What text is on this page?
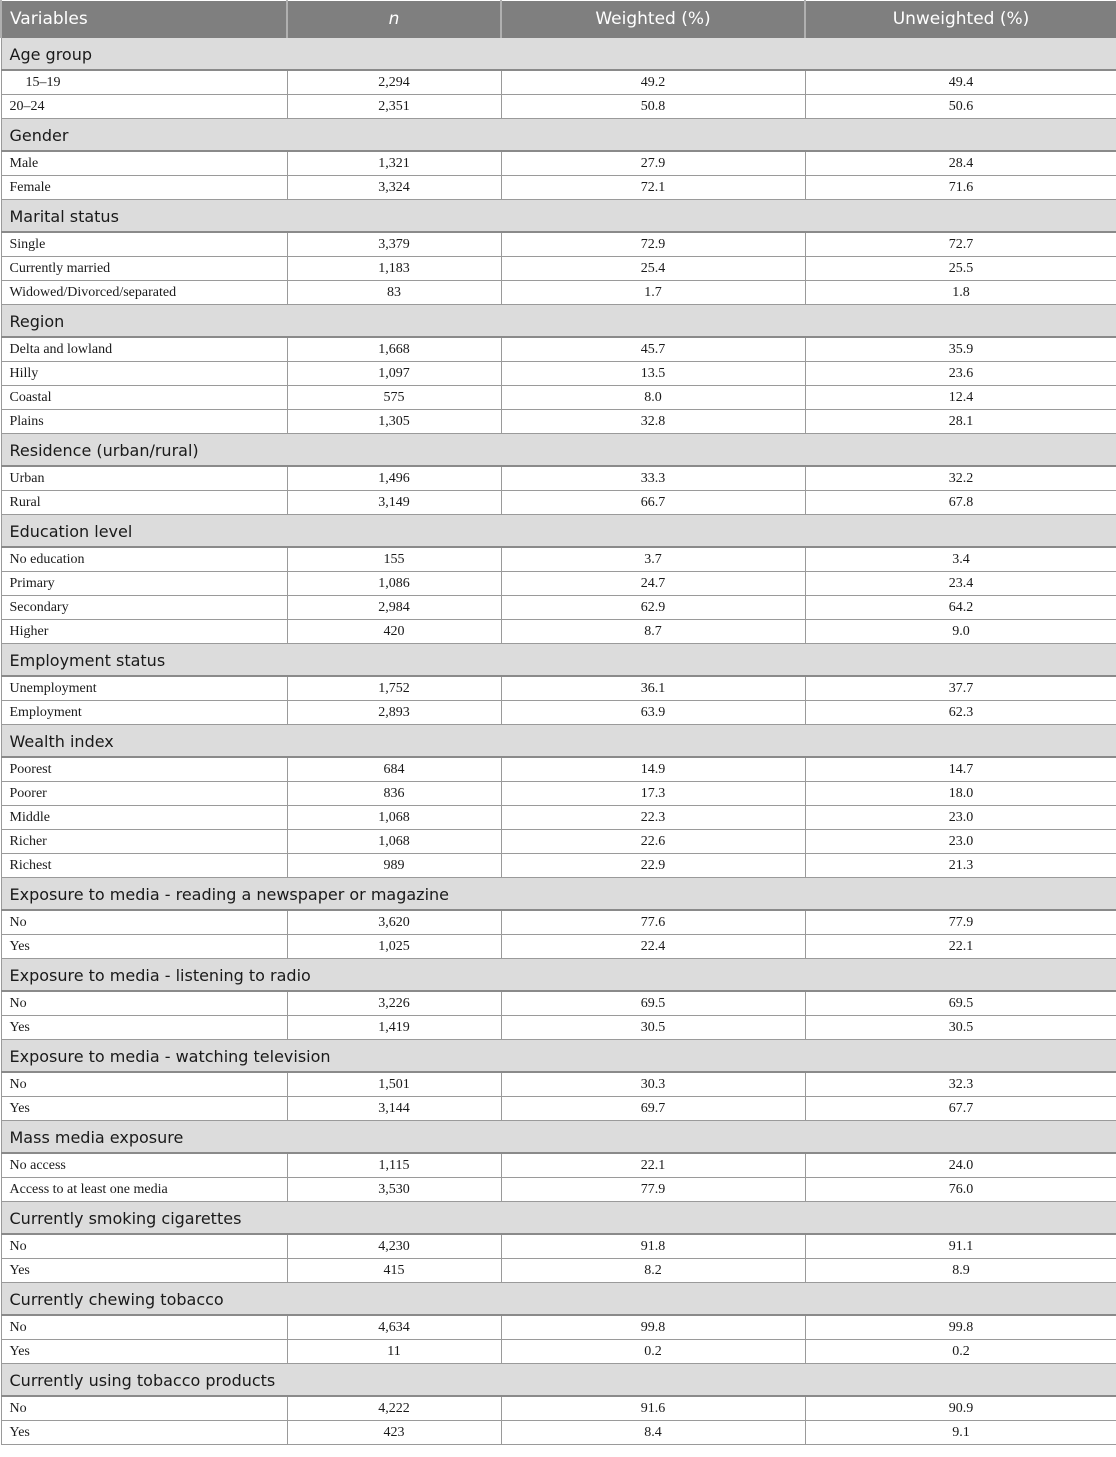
Variables	n	Weighted (%)	Unweighted (%)
Age group			
15–19	2,294	49.2	49.4
20–24	2,351	50.8	50.6
Gender			
Male	1,321	27.9	28.4
Female	3,324	72.1	71.6
Marital status			
Single	3,379	72.9	72.7
Currently married	1,183	25.4	25.5
Widowed/Divorced/separated	83	1.7	1.8
Region			
Delta and lowland	1,668	45.7	35.9
Hilly	1,097	13.5	23.6
Coastal	575	8.0	12.4
Plains	1,305	32.8	28.1
Residence (urban/rural)			
Urban	1,496	33.3	32.2
Rural	3,149	66.7	67.8
Education level			
No education	155	3.7	3.4
Primary	1,086	24.7	23.4
Secondary	2,984	62.9	64.2
Higher	420	8.7	9.0
Employment status			
Unemployment	1,752	36.1	37.7
Employment	2,893	63.9	62.3
Wealth index			
Poorest	684	14.9	14.7
Poorer	836	17.3	18.0
Middle	1,068	22.3	23.0
Richer	1,068	22.6	23.0
Richest	989	22.9	21.3
Exposure to media - reading a newspaper or magazine			
No	3,620	77.6	77.9
Yes	1,025	22.4	22.1
Exposure to media - listening to radio			
No	3,226	69.5	69.5
Yes	1,419	30.5	30.5
Exposure to media - watching television			
No	1,501	30.3	32.3
Yes	3,144	69.7	67.7
Mass media exposure			
No access	1,115	22.1	24.0
Access to at least one media	3,530	77.9	76.0
Currently smoking cigarettes			
No	4,230	91.8	91.1
Yes	415	8.2	8.9
Currently chewing tobacco			
No	4,634	99.8	99.8
Yes	11	0.2	0.2
Currently using tobacco products			
No	4,222	91.6	90.9
Yes	423	8.4	9.1
